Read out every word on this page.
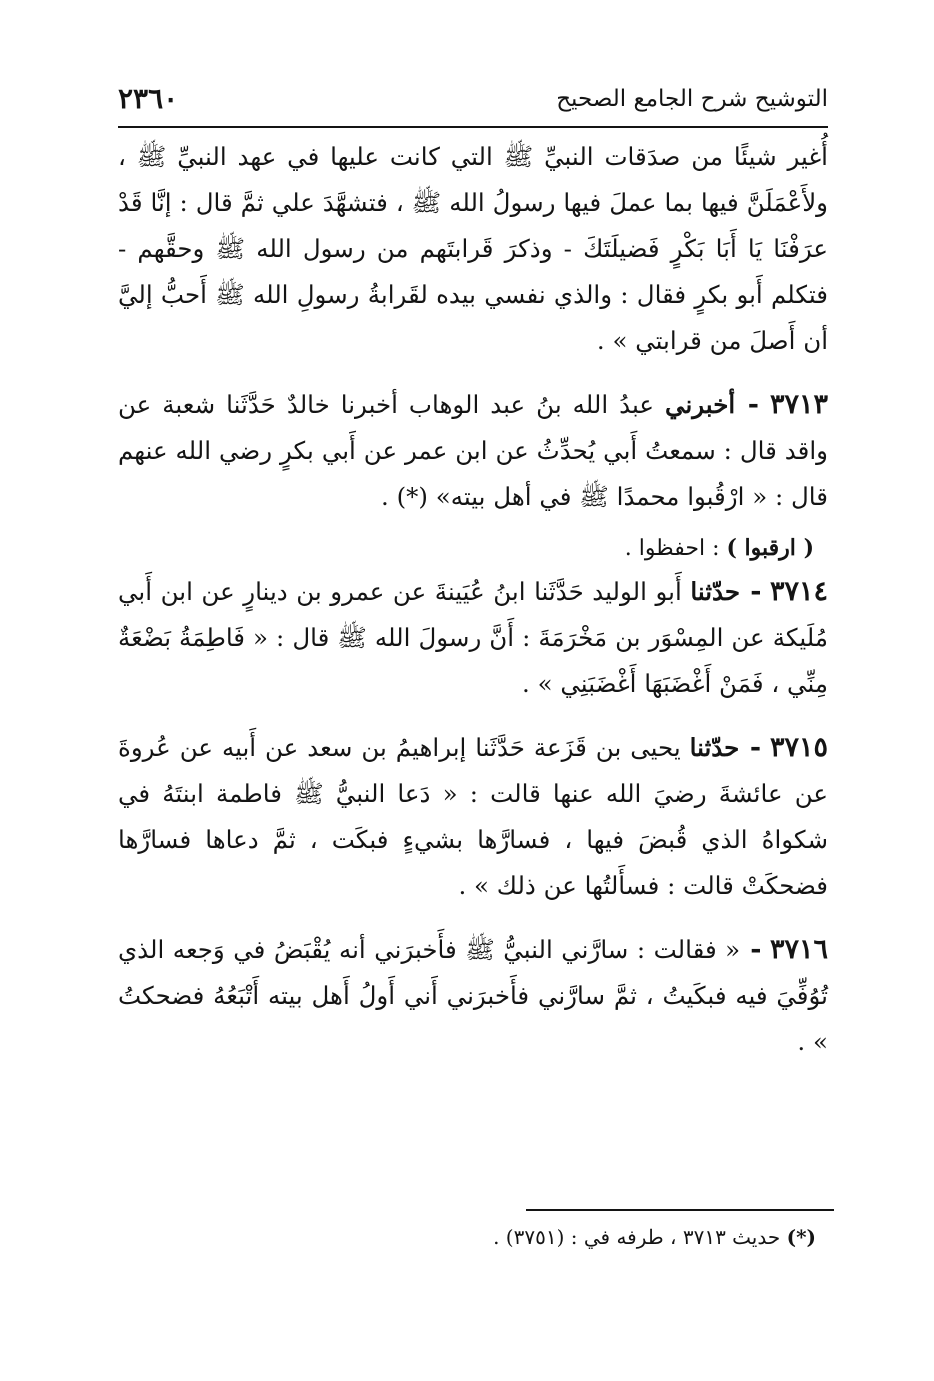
التوشيح شرح الجامع الصحيح
٢٣٦٠

أُغير شيئًا من صدَقات النبيِّ ﷺ التي كانت عليها في عهد النبيِّ ﷺ ، ولأَعْمَلَنَّ فيها بما عملَ فيها رسولُ الله ﷺ ، فتشهَّدَ علي ثمَّ قال : إنَّا قَدْ عرَفْنَا يَا أَبَا بَكْرٍ فَضيلَتَكَ - وذكرَ قَرابتَهم من رسول الله ﷺ وحقَّهم - فتكلم أَبو بكرٍ فقال : والذي نفسي بيده لقَرابةُ رسولِ الله ﷺ أَحبُّ إليَّ أن أَصلَ من قرابتي » .

٣٧١٣ - أخبرني عبدُ الله بنُ عبد الوهاب أخبرنا خالدٌ حَدَّثَنا شعبة عن واقد قال : سمعتُ أَبي يُحدِّثُ عن ابن عمر عن أَبي بكرٍ رضي الله عنهم قال : « ارْقُبوا محمدًا ﷺ في أهل بيته» (*) .

( ارقبوا ) : احفظوا .

٣٧١٤ - حدّثنا أَبو الوليد حَدَّثَنا ابنُ عُيَينةَ عن عمرو بن دينارٍ عن ابن أَبي مُلَيكة عن المِسْوَر بن مَخْرَمَةَ : أَنَّ رسولَ الله ﷺ قال : « فَاطِمَةُ بَضْعَةٌ مِنِّي ، فَمَنْ أَغْضَبَهَا أَغْضَبَنِي » .

٣٧١٥ - حدّثنا يحيى بن قَزَعة حَدَّثَنا إبراهيمُ بن سعد عن أَبيه عن عُروةَ عن عائشةَ رضيَ الله عنها قالت : « دَعا النبيُّ ﷺ فاطمة ابنتَهُ في شكواهُ الذي قُبضَ فيها ، فسارَّها بشيءٍ فبكَت ، ثمَّ دعاها فسارَّها فضحكَتْ قالت : فسأَلتُها عن ذلك » .

٣٧١٦ - « فقالت : سارَّني النبيُّ ﷺ فأَخبرَني أنه يُقْبَضُ في وَجعه الذي تُوُفِّيَ فيه فبكَيتُ ، ثمَّ سارَّني فأَخبرَني أَني أَولُ أَهل بيته أَتْبَعُهُ فضحكتُ » .

(*) حديث ٣٧١٣ ، طرفه في : (٣٧٥١) .
